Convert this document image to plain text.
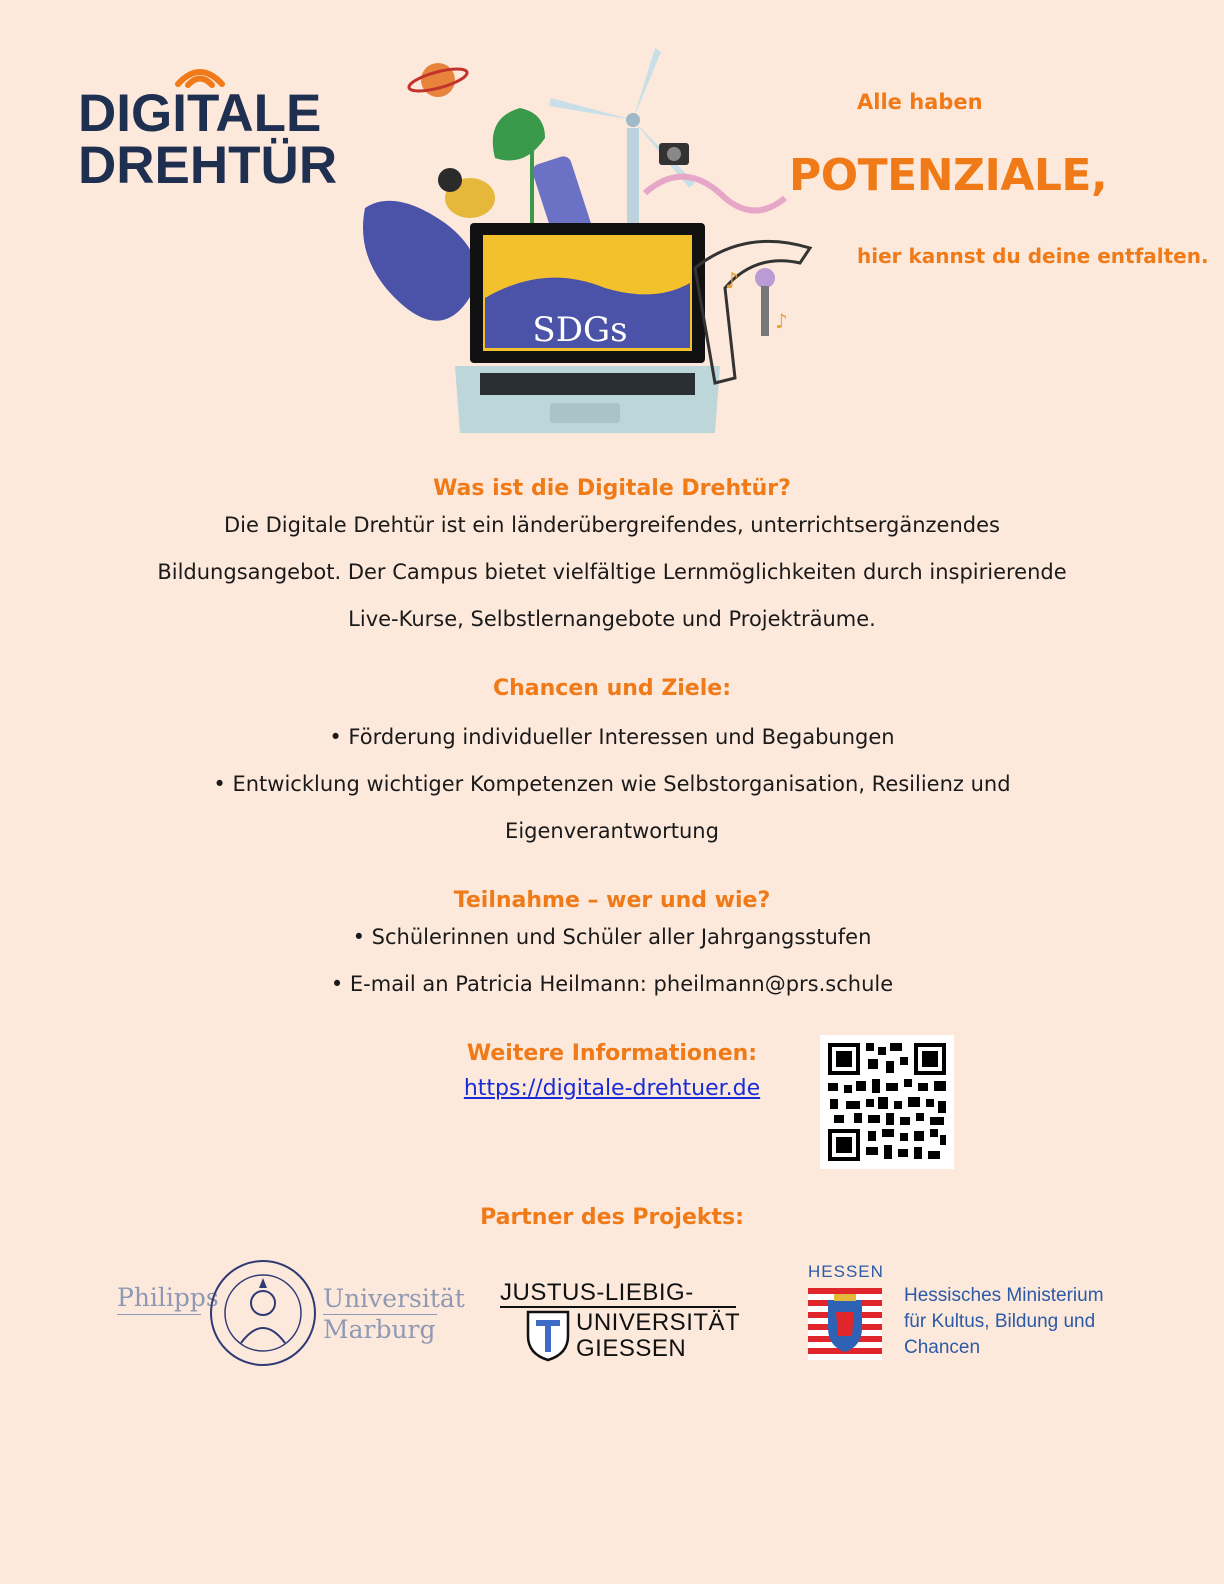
DIGITALE
DREHTÜR
Alle haben
POTENZIALE,
hier kannst du deine entfalten.
SDGs
♪
♪
Was ist die Digitale Drehtür?
Die Digitale Drehtür ist ein länderübergreifendes, unterrichtsergänzendes
Bildungsangebot. Der Campus bietet vielfältige Lernmöglichkeiten durch inspirierende
Live-Kurse, Selbstlernangebote und Projekträume.
Chancen und Ziele:
• Förderung individueller Interessen und Begabungen
• Entwicklung wichtiger Kompetenzen wie Selbstorganisation, Resilienz und
Eigenverantwortung
Teilnahme – wer und wie?
• Schülerinnen und Schüler aller Jahrgangsstufen
• E-mail an Patricia Heilmann: pheilmann@prs.schule
Weitere Informationen:
https://digitale-drehtuer.de
Partner des Projekts:
Philipps	Universität
Marburg
JUSTUS-LIEBIG-
UNIVERSITÄT
GIESSEN
HESSEN
Hessisches Ministerium
für Kultus, Bildung und
Chancen
